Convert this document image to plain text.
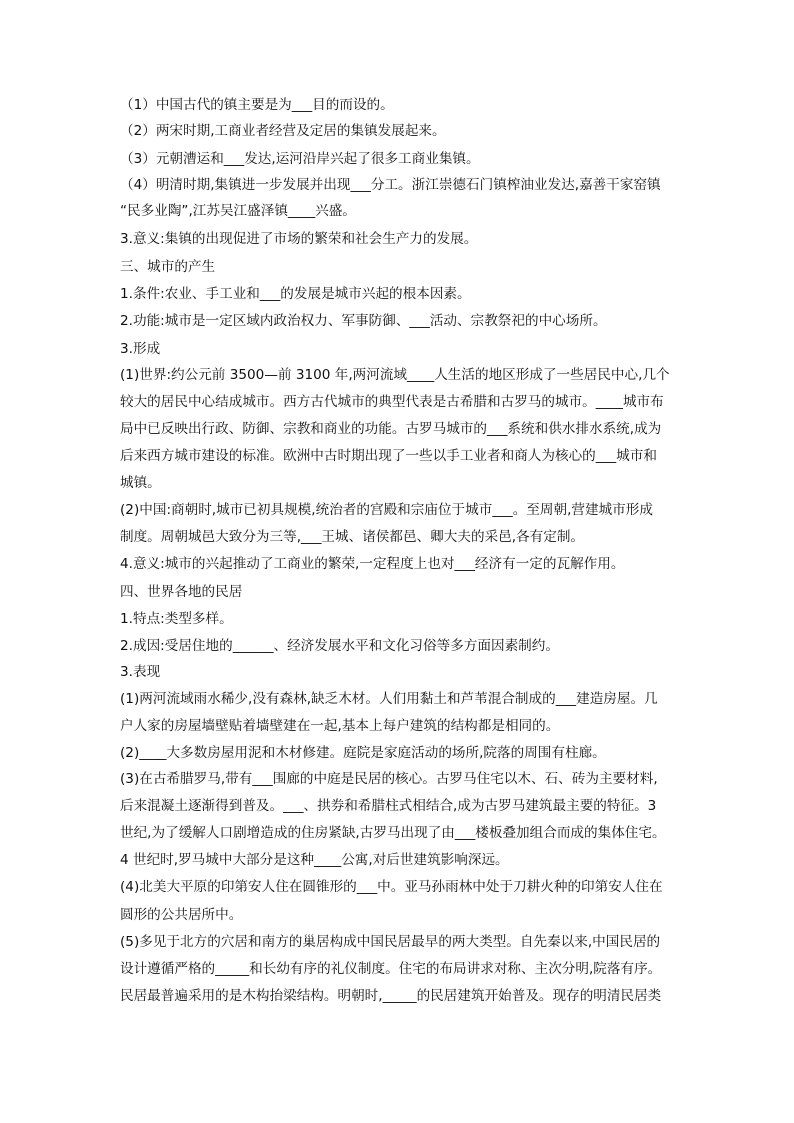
（1）中国古代的镇主要是为___目的而设的。
（2）两宋时期,工商业者经营及定居的集镇发展起来。
（3）元朝漕运和___发达,运河沿岸兴起了很多工商业集镇。
（4）明清时期,集镇进一步发展并出现___分工。浙江崇德石门镇榨油业发达,嘉善干家窑镇
“民多业陶”,江苏吴江盛泽镇____兴盛。
3.意义:集镇的出现促进了市场的繁荣和社会生产力的发展。
三、城市的产生
1.条件:农业、手工业和___的发展是城市兴起的根本因素。
2.功能:城市是一定区域内政治权力、军事防御、___活动、宗教祭祀的中心场所。
3.形成
(1)世界:约公元前 3500—前 3100 年,两河流域____人生活的地区形成了一些居民中心,几个
较大的居民中心结成城市。西方古代城市的典型代表是古希腊和古罗马的城市。____城市布
局中已反映出行政、防御、宗教和商业的功能。古罗马城市的___系统和供水排水系统,成为
后来西方城市建设的标准。欧洲中古时期出现了一些以手工业者和商人为核心的___城市和
城镇。
(2)中国:商朝时,城市已初具规模,统治者的宫殿和宗庙位于城市___。至周朝,营建城市形成
制度。周朝城邑大致分为三等,___王城、诸侯都邑、卿大夫的采邑,各有定制。
4.意义:城市的兴起推动了工商业的繁荣,一定程度上也对___经济有一定的瓦解作用。
四、世界各地的民居
1.特点:类型多样。
2.成因:受居住地的______、经济发展水平和文化习俗等多方面因素制约。
3.表现
(1)两河流域雨水稀少,没有森林,缺乏木材。人们用黏土和芦苇混合制成的___建造房屋。几
户人家的房屋墙壁贴着墙壁建在一起,基本上每户建筑的结构都是相同的。
(2)____大多数房屋用泥和木材修建。庭院是家庭活动的场所,院落的周围有柱廊。
(3)在古希腊罗马,带有___围廊的中庭是民居的核心。古罗马住宅以木、石、砖为主要材料,
后来混凝土逐渐得到普及。___、拱券和希腊柱式相结合,成为古罗马建筑最主要的特征。3
世纪,为了缓解人口剧增造成的住房紧缺,古罗马出现了由___楼板叠加组合而成的集体住宅。
4 世纪时,罗马城中大部分是这种____公寓,对后世建筑影响深远。
(4)北美大平原的印第安人住在圆锥形的___中。亚马孙雨林中处于刀耕火种的印第安人住在
圆形的公共居所中。
(5)多见于北方的穴居和南方的巢居构成中国民居最早的两大类型。自先秦以来,中国民居的
设计遵循严格的_____和长幼有序的礼仪制度。住宅的布局讲求对称、主次分明,院落有序。
民居最普遍采用的是木构抬梁结构。明朝时,_____的民居建筑开始普及。现存的明清民居类
